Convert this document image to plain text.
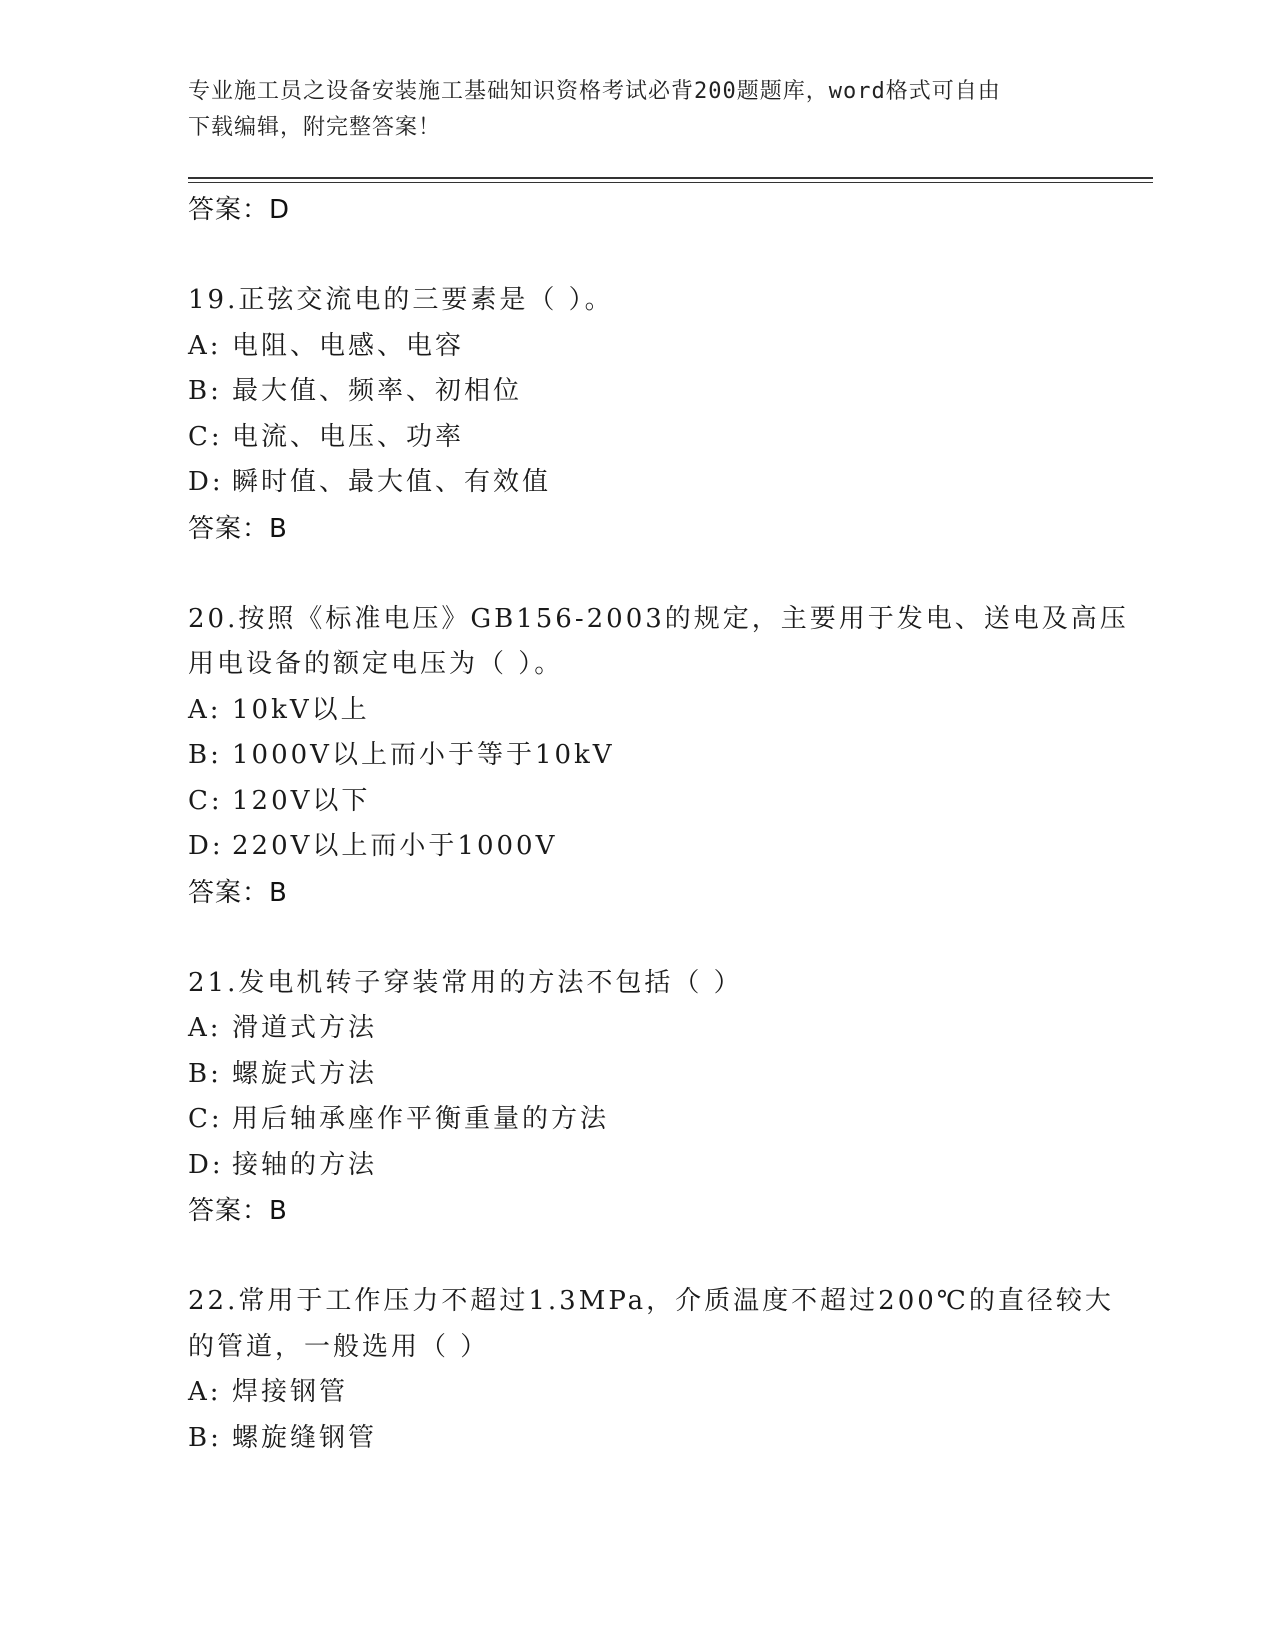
专业施工员之设备安装施工基础知识资格考试必背200题题库，word格式可自由
下载编辑，附完整答案！
答案：D
19.正弦交流电的三要素是（ ）。
A: 电阻、电感、电容
B: 最大值、频率、初相位
C: 电流、电压、功率
D: 瞬时值、最大值、有效值
答案：B
20.按照《标准电压》GB156-2003的规定，主要用于发电、送电及高压
用电设备的额定电压为（ ）。
A: 10kV以上
B: 1000V以上而小于等于10kV
C: 120V以下
D: 220V以上而小于1000V
答案：B
21.发电机转子穿装常用的方法不包括（ ）
A: 滑道式方法
B: 螺旋式方法
C: 用后轴承座作平衡重量的方法
D: 接轴的方法
答案：B
22.常用于工作压力不超过1.3MPa，介质温度不超过200℃的直径较大
的管道，一般选用（ ）
A: 焊接钢管
B: 螺旋缝钢管
